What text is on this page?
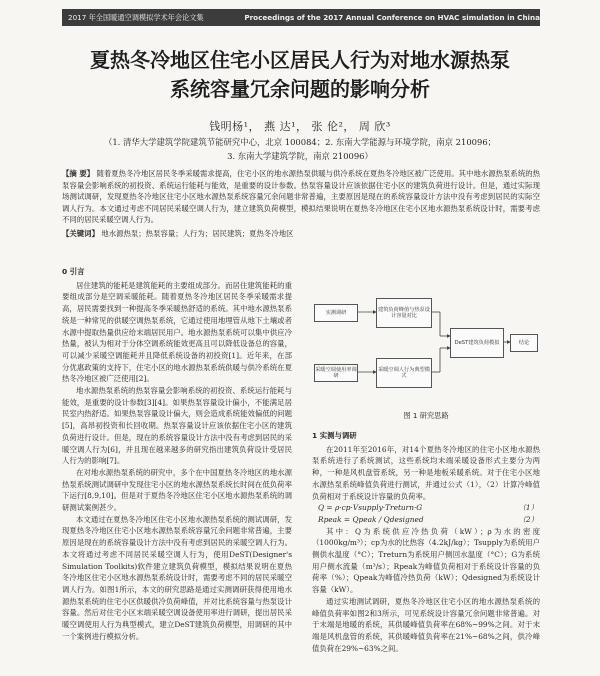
2017 年全国暖通空调模拟学术年会论文集	Proceedings of the 2017 Annual Conference on HVAC simulation in China
夏热冬冷地区住宅小区居民人行为对地水源热泵
系统容量冗余问题的影响分析
钱明杨¹， 燕 达¹， 张 伦²， 周 欣³
（1. 清华大学建筑学院建筑节能研究中心，北京 100084；2. 东南大学能源与环境学院，南京 210096；
3. 东南大学建筑学院，南京 210096）
【摘 要】 随着夏热冬冷地区居民冬季采暖需求提高，住宅小区的地水源热泵供暖与供冷系统在夏热冬冷地区被广泛使用。其中地水源热泵系统的热泵容量会影响系统的初投资、系统运行能耗与能效，是重要的设计参数。热泵容量设计应该依据住宅小区的建筑负荷进行设计。但是，通过实际现场测试调研，发现夏热冬冷地区住宅小区地水源热泵系统容量冗余问题非常普遍，主要原因是现在的系统容量设计方法中没有考虑到居民的实际空调人行为。本文通过考虑不同居民采暖空调人行为，建立建筑负荷模型，模拟结果说明在夏热冬冷地区住宅小区地水源热泵系统设计时，需要考虑不同的居民采暖空调人行为。
【关键词】 地水源热泵；热泵容量；人行为；居民建筑；夏热冬冷地区

0 引言

居住建筑的能耗是建筑能耗的主要组成部分。而居住建筑能耗的重要组成部分是空调采暖能耗。随着夏热冬冷地区居民冬季采暖需求提高，居民需要找到一种提高冬季采暖热舒适的系统。其中地水源热泵系统是一种常见的供暖空调热泵系统，它通过使用地埋管从地下土壤或者水源中提取热量供应给末端居民用户。地水源热泵系统可以集中供应冷热量，被认为相对于分体空调系统能效更高且可以降低设备总的容量，可以减少采暖空调能耗并且降低系统设备的初投资[1]。近年来，在部分优惠政策的支持下，住宅小区的地水源热泵系统供暖与供冷系统在夏热冬冷地区被广泛使用[2]。

地水源热泵系统的热泵容量会影响系统的初投资、系统运行能耗与能效，是重要的设计参数[3][4]。如果热泵容量设计偏小，不能满足居民室内热舒适。如果热泵容量设计偏大，则会造成系统能效偏低的问题[5]，高昂初投资和长回收期。热泵容量设计应该依据住宅小区的建筑负荷进行设计。但是，现在的系统容量设计方法中没有考虑到居民的采暖空调人行为[6]，并且现在越来越多的研究指出建筑负荷设计受居民人行为的影响[7]。

在对地水源热泵系统的研究中，多个在中国夏热冬冷地区的地水源热泵系统测试调研中发现住宅小区的地水源热泵系统长时间在低负荷率下运行[8,9,10]。但是对于夏热冬冷地区住宅小区地水源热泵系统的调研测试案例甚少。

本文通过在夏热冬冷地区住宅小区地水源热泵系统的测试调研，发现夏热冬冷地区住宅小区地水源热泵系统容量冗余问题非常普遍，主要原因是现在的系统容量设计方法中没有考虑到居民的采暖空调人行为。本文将通过考虑不同居民采暖空调人行为，使用DeST(Designer's Simulation Toolkits)软件建立建筑负荷模型，模拟结果说明在夏热冬冷地区住宅小区地水源热泵系统设计时，需要考虑不同的居民采暖空调人行为。如图1所示，本文的研究思路是通过实测调研获得使用地水源热泵系统的住宅小区供暖供冷负荷峰值，并对比系统容量与热泵设计容量。然后对住宅小区末端采暖空调设备使用率进行调研，提出居民采暖空调使用人行为典型模式，建立DeST建筑负荷模型，用调研的其中一个案例进行模拟分析。

实测调研
建筑负荷峰值与热泵设计容量对比
采暖空调使用率调研
采暖空调人行为典型模式
DeST建筑负荷模拟	结论
图 1 研究思路

1 实测与调研

在2011年至2016年，对14个夏热冬冷地区的住宅小区地水源热泵系统进行了系统测试，这些系统均未端采暖设备形式主要分为两种，一种是风机盘管系统，另一种是地板采暖系统。对于住宅小区地水源热泵系统峰值负荷进行测试，并通过公式（1），（2）计算冷峰值负荷相对于系统设计容量的负荷率。

Q = ρ·cp·Vsupply·Treturn·G	（1）

Rpeak = Qpeak / Qdesigned	（2）

其中：Q为系统供应冷热负荷（kW）；ρ为水的密度（1000kg/m³）；cp为水的比热容（4.2kJ/kg）；Tsupply为系统用户侧供水温度（°C）；Treturn为系统用户侧回水温度（°C）；G为系统用户侧水流量（m³/s）；Rpeak为峰值负荷相对于系统设计容量的负荷率（%）；Qpeak为峰值冷热负荷（kW）；Qdesigned为系统设计容量（kW）。

通过实地测试调研，夏热冬冷地区住宅小区的地水源热泵系统的峰值负荷率如图2和3所示，可见系统设计容量冗余问题非常普遍。对于末端是地暖的系统，其供暖峰值负荷率在68%~99%之间。对于末端是风机盘管的系统，其供暖峰值负荷率在21%~68%之间，供冷峰值负荷在29%~63%之间。
